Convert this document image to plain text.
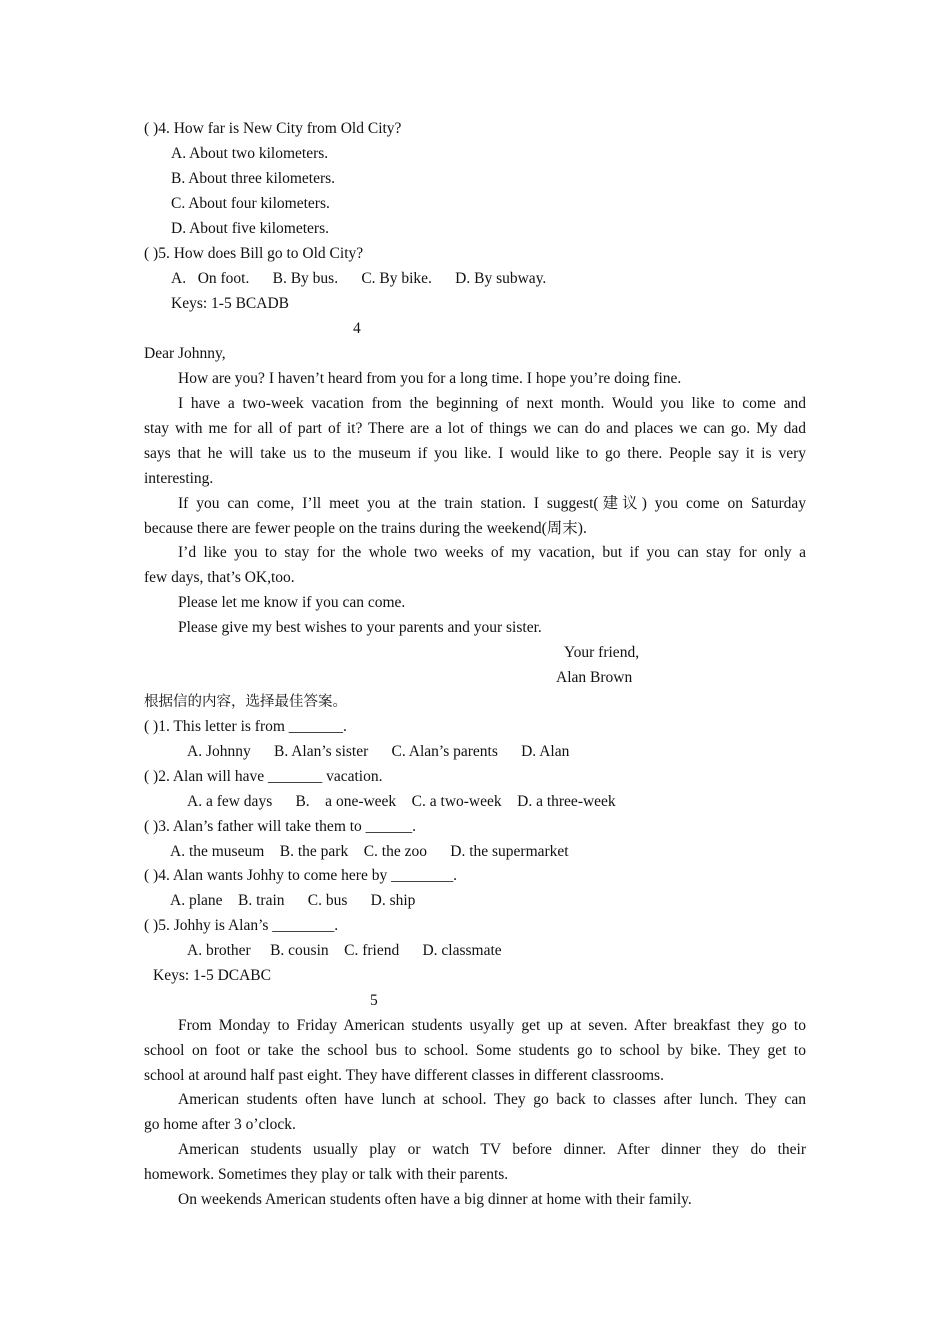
( )4. How far is New City from Old City?
A. About two kilometers.
B. About three kilometers.
C. About four kilometers.
D. About five kilometers.
( )5. How does Bill go to Old City?
A.   On foot.      B. By bus.      C. By bike.      D. By subway.
Keys: 1-5 BCADB
4
Dear Johnny,
How are you? I haven’t heard from you for a long time. I hope you’re doing fine.
I have a two-week vacation from the beginning of next month. Would you like to come and
stay with me for all of part of it? There are a lot of things we can do and places we can go. My dad
says that he will take us to the museum if you like. I would like to go there. People say it is very
interesting.
If you can come, I’ll meet you at the train station. I suggest(建议) you come on Saturday
because there are fewer people on the trains during the weekend(周末).
I’d like you to stay for the whole two weeks of my vacation, but if you can stay for only a
few days, that’s OK,too.
Please let me know if you can come.
Please give my best wishes to your parents and your sister.
Your friend,
Alan Brown
根据信的内容，选择最佳答案。
( )1. This letter is from _______.
A. Johnny      B. Alan’s sister      C. Alan’s parents      D. Alan
( )2. Alan will have _______ vacation.
A. a few days      B.    a one-week    C. a two-week    D. a three-week
( )3. Alan’s father will take them to ______.
A. the museum    B. the park    C. the zoo      D. the supermarket
( )4. Alan wants Johhy to come here by ________.
A. plane    B. train      C. bus      D. ship
( )5. Johhy is Alan’s ________.
A. brother     B. cousin    C. friend      D. classmate
Keys: 1-5 DCABC
5
From Monday to Friday American students usyally get up at seven. After breakfast they go to
school on foot or take the school bus to school. Some students go to school by bike. They get to
school at around half past eight. They have different classes in different classrooms.
American students often have lunch at school. They go back to classes after lunch. They can
go home after 3 o’clock.
American students usually play or watch TV before dinner. After dinner they do their
homework. Sometimes they play or talk with their parents.
On weekends American students often have a big dinner at home with their family.
